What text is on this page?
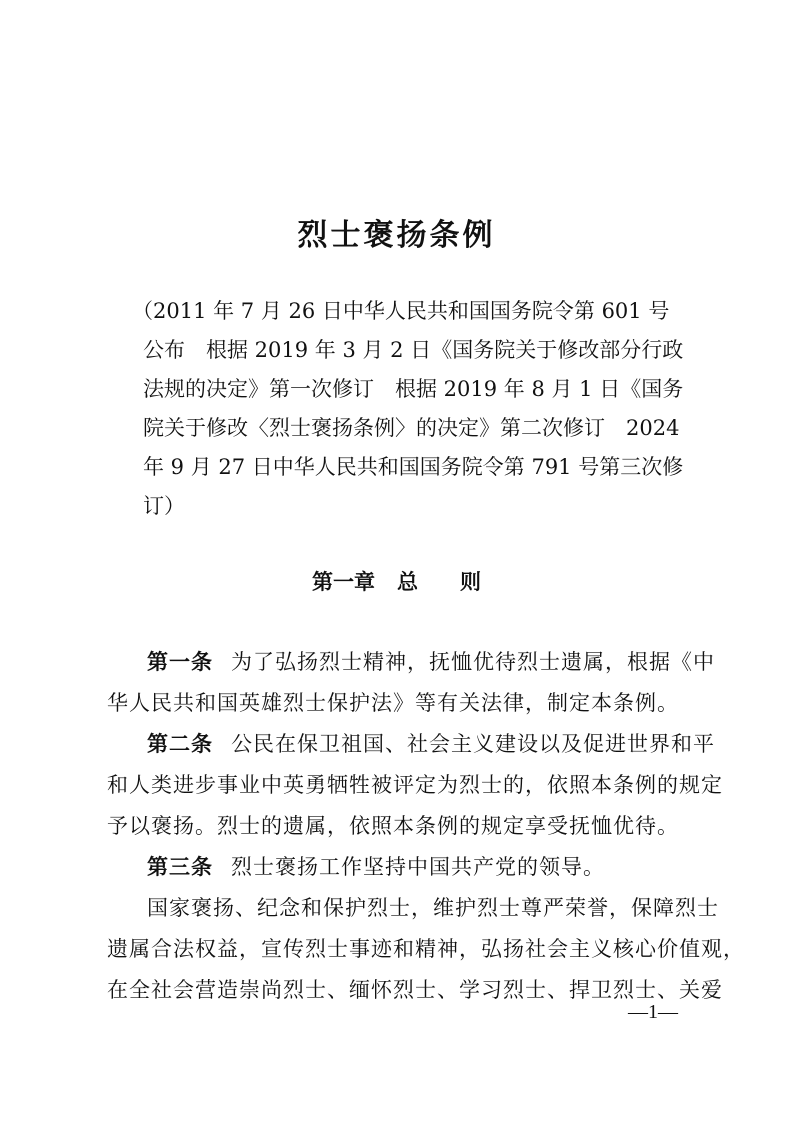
烈士褒扬条例
（2011 年 7 月 26 日中华人民共和国国务院令第 601 号
公布　根据 2019 年 3 月 2 日《国务院关于修改部分行政
法规的决定》第一次修订　根据 2019 年 8 月 1 日《国务
院关于修改〈烈士褒扬条例〉的决定》第二次修订　2024
年 9 月 27 日中华人民共和国国务院令第 791 号第三次修
订）
第一章 总　　则
第一条 为了弘扬烈士精神，抚恤优待烈士遗属，根据《中
华人民共和国英雄烈士保护法》等有关法律，制定本条例。
第二条 公民在保卫祖国、社会主义建设以及促进世界和平
和人类进步事业中英勇牺牲被评定为烈士的，依照本条例的规定
予以褒扬。烈士的遗属，依照本条例的规定享受抚恤优待。
第三条 烈士褒扬工作坚持中国共产党的领导。
国家褒扬、纪念和保护烈士，维护烈士尊严荣誉，保障烈士
遗属合法权益，宣传烈士事迹和精神，弘扬社会主义核心价值观，
在全社会营造崇尚烈士、缅怀烈士、学习烈士、捍卫烈士、关爱
—1—
